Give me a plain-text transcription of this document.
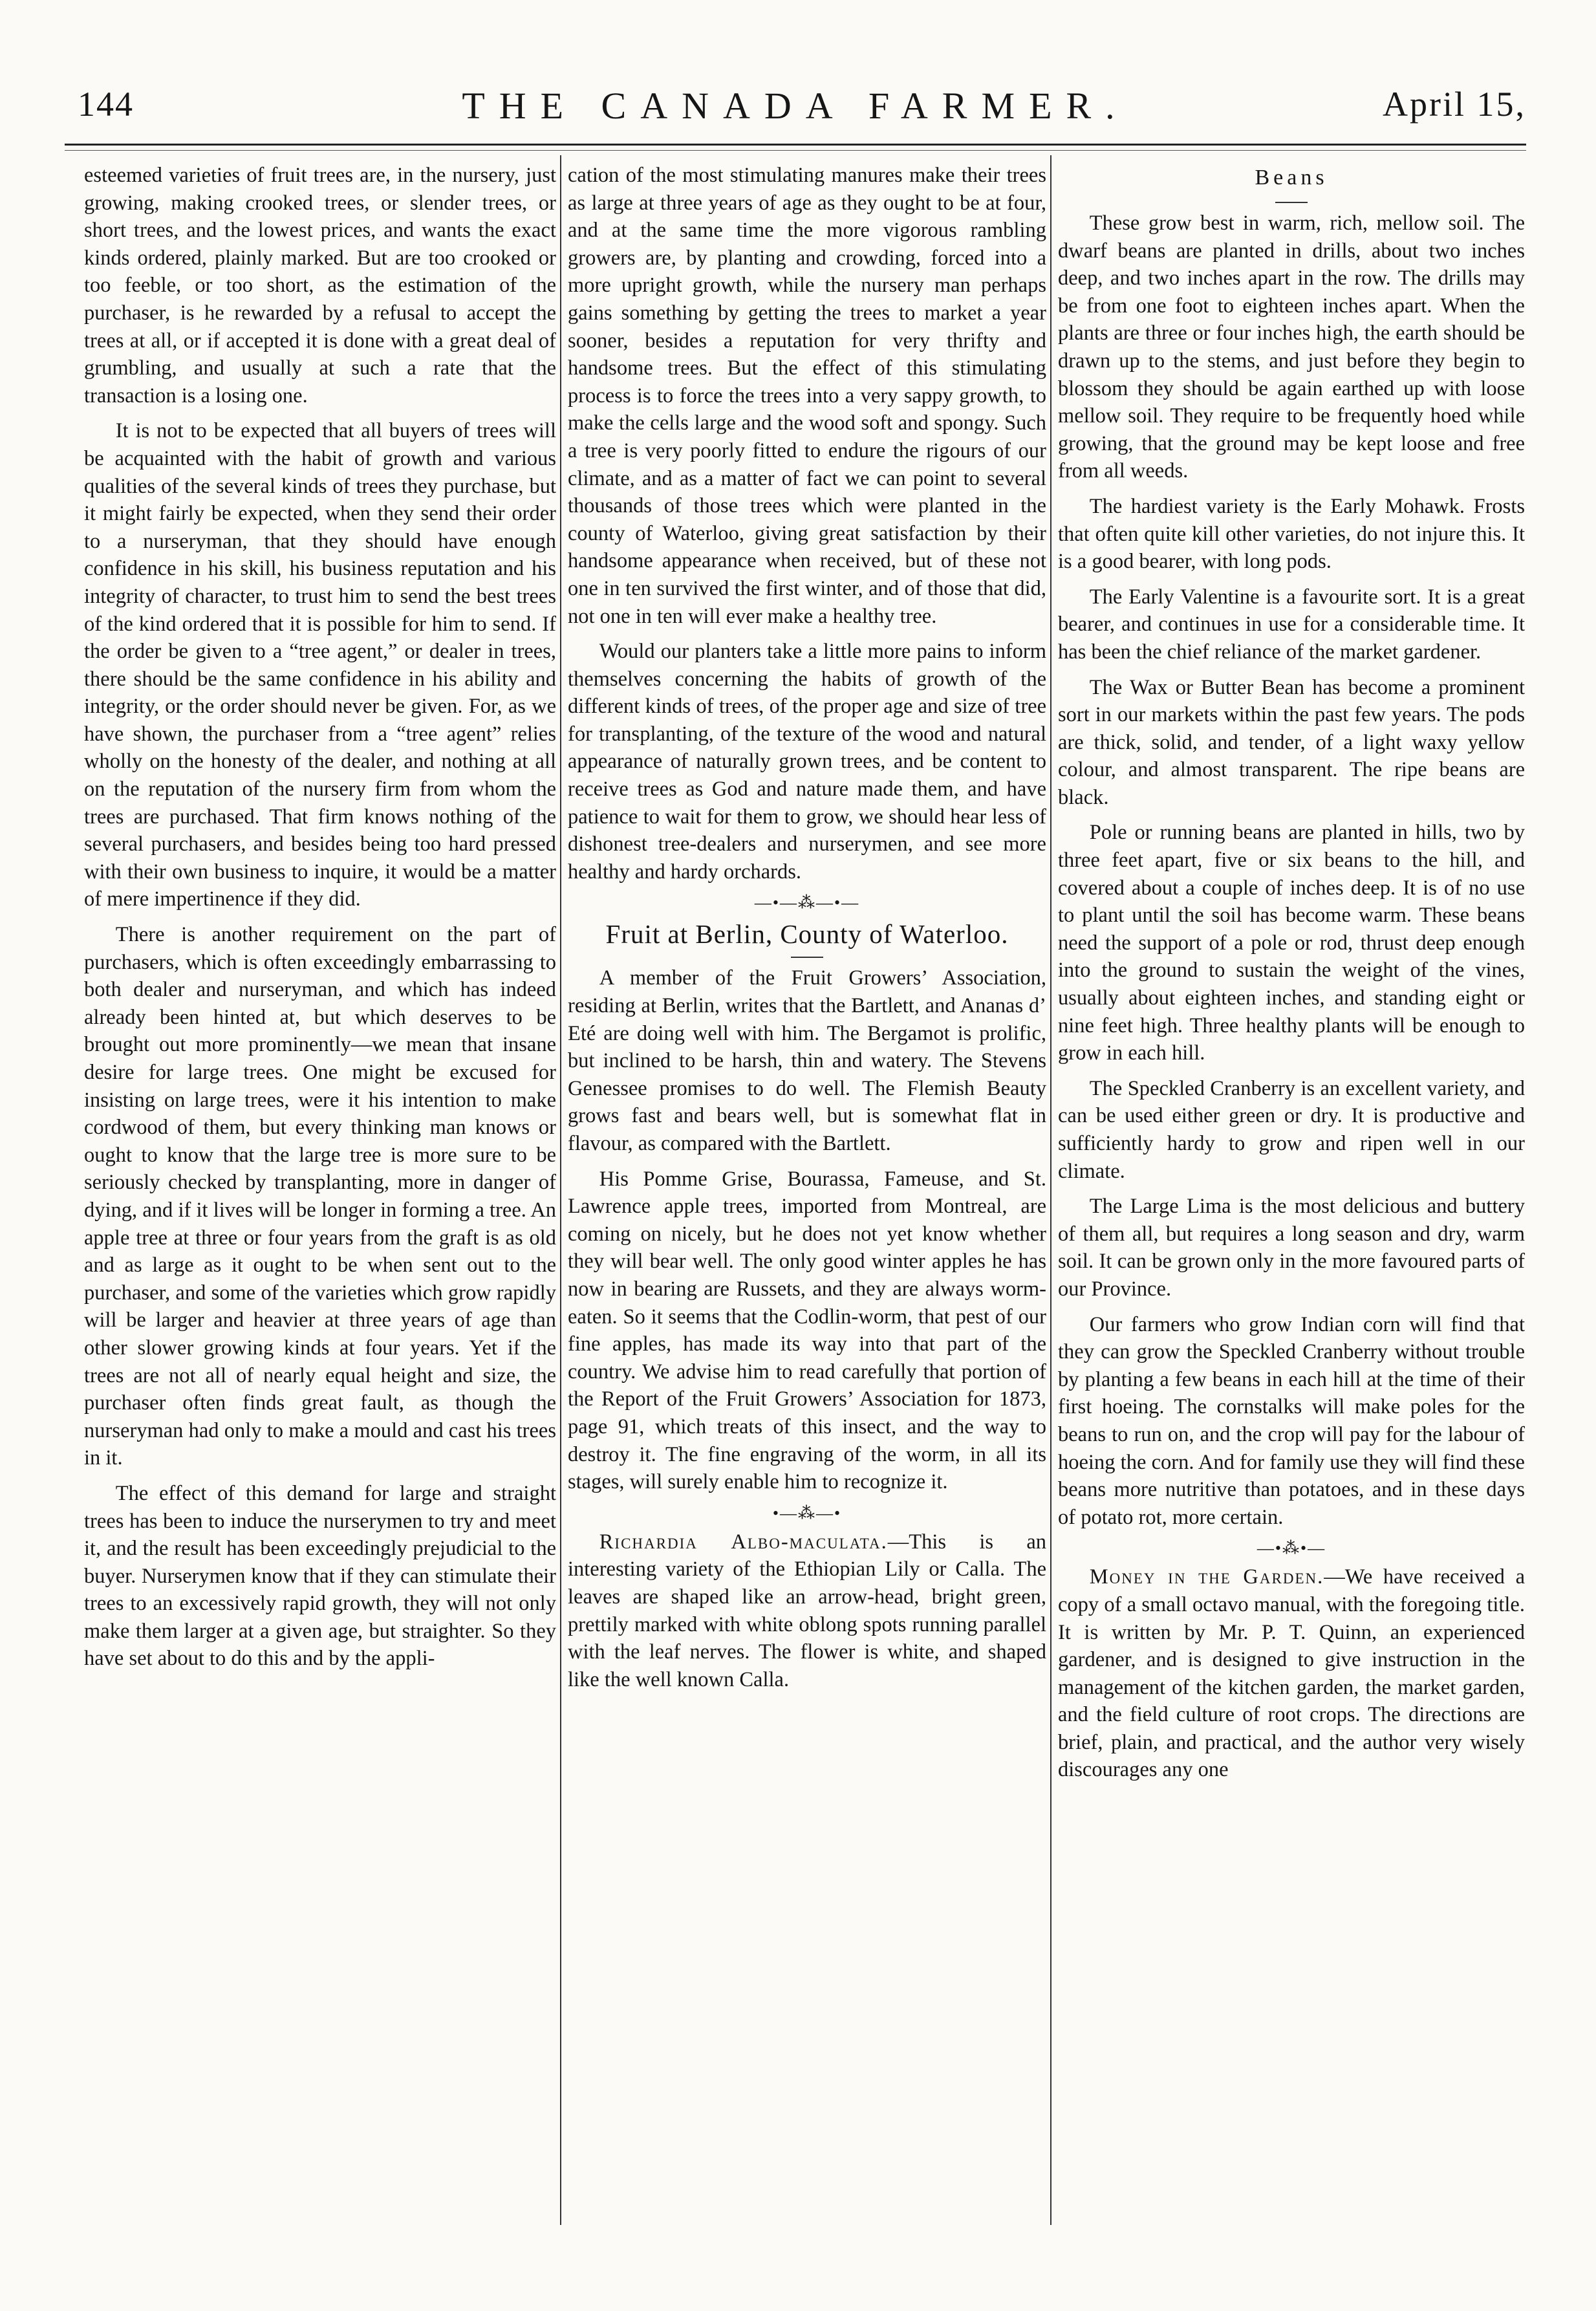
144	THE CANADA FARMER.	April 15,

esteemed varieties of fruit trees are, in the nursery, just growing, making crooked trees, or slender trees, or short trees, and the lowest prices, and wants the exact kinds ordered, plainly marked. But are too crooked or too feeble, or too short, as the estimation of the purchaser, is he rewarded by a refusal to accept the trees at all, or if accepted it is done with a great deal of grumbling, and usually at such a rate that the transaction is a losing one.

It is not to be expected that all buyers of trees will be acquainted with the habit of growth and various qualities of the several kinds of trees they purchase, but it might fairly be expected, when they send their order to a nurseryman, that they should have enough confidence in his skill, his business reputation and his integrity of character, to trust him to send the best trees of the kind ordered that it is possible for him to send. If the order be given to a “tree agent,” or dealer in trees, there should be the same confidence in his ability and integrity, or the order should never be given. For, as we have shown, the purchaser from a “tree agent” relies wholly on the honesty of the dealer, and nothing at all on the reputation of the nursery firm from whom the trees are purchased. That firm knows nothing of the several purchasers, and besides being too hard pressed with their own business to inquire, it would be a matter of mere impertinence if they did.

There is another requirement on the part of purchasers, which is often exceedingly embarrassing to both dealer and nurseryman, and which has indeed already been hinted at, but which deserves to be brought out more prominently—we mean that insane desire for large trees. One might be excused for insisting on large trees, were it his intention to make cordwood of them, but every thinking man knows or ought to know that the large tree is more sure to be seriously checked by transplanting, more in danger of dying, and if it lives will be longer in forming a tree. An apple tree at three or four years from the graft is as old and as large as it ought to be when sent out to the purchaser, and some of the varieties which grow rapidly will be larger and heavier at three years of age than other slower growing kinds at four years. Yet if the trees are not all of nearly equal height and size, the purchaser often finds great fault, as though the nurseryman had only to make a mould and cast his trees in it.

The effect of this demand for large and straight trees has been to induce the nurserymen to try and meet it, and the result has been exceedingly prejudicial to the buyer. Nurserymen know that if they can stimulate their trees to an excessively rapid growth, they will not only make them larger at a given age, but straighter. So they have set about to do this and by the appli-

cation of the most stimulating manures make their trees as large at three years of age as they ought to be at four, and at the same time the more vigorous rambling growers are, by planting and crowding, forced into a more upright growth, while the nursery man perhaps gains something by getting the trees to market a year sooner, besides a reputation for very thrifty and handsome trees. But the effect of this stimulating process is to force the trees into a very sappy growth, to make the cells large and the wood soft and spongy. Such a tree is very poorly fitted to endure the rigours of our climate, and as a matter of fact we can point to several thousands of those trees which were planted in the county of Waterloo, giving great satisfaction by their handsome appearance when received, but of these not one in ten survived the first winter, and of those that did, not one in ten will ever make a healthy tree.

Would our planters take a little more pains to inform themselves concerning the habits of growth of the different kinds of trees, of the proper age and size of tree for transplanting, of the texture of the wood and natural appearance of naturally grown trees, and be content to receive trees as God and nature made them, and have patience to wait for them to grow, we should hear less of dishonest tree-dealers and nurserymen, and see more healthy and hardy orchards.

—•—⁂—•—
Fruit at Berlin, County of Waterloo.

A member of the Fruit Growers’ Association, residing at Berlin, writes that the Bartlett, and Ananas d’ Eté are doing well with him. The Bergamot is prolific, but inclined to be harsh, thin and watery. The Stevens Genessee promises to do well. The Flemish Beauty grows fast and bears well, but is somewhat flat in flavour, as compared with the Bartlett.

His Pomme Grise, Bourassa, Fameuse, and St. Lawrence apple trees, imported from Montreal, are coming on nicely, but he does not yet know whether they will bear well. The only good winter apples he has now in bearing are Russets, and they are always worm-eaten. So it seems that the Codlin-worm, that pest of our fine apples, has made its way into that part of the country. We advise him to read carefully that portion of the Report of the Fruit Growers’ Association for 1873, page 91, which treats of this insect, and the way to destroy it. The fine engraving of the worm, in all its stages, will surely enable him to recognize it.

•—⁂—•

Richardia Albo-maculata.—This is an interesting variety of the Ethiopian Lily or Calla. The leaves are shaped like an arrow-head, bright green, prettily marked with white oblong spots running parallel with the leaf nerves. The flower is white, and shaped like the well known Calla.

Beans

These grow best in warm, rich, mellow soil. The dwarf beans are planted in drills, about two inches deep, and two inches apart in the row. The drills may be from one foot to eighteen inches apart. When the plants are three or four inches high, the earth should be drawn up to the stems, and just before they begin to blossom they should be again earthed up with loose mellow soil. They require to be frequently hoed while growing, that the ground may be kept loose and free from all weeds.

The hardiest variety is the Early Mohawk. Frosts that often quite kill other varieties, do not injure this. It is a good bearer, with long pods.

The Early Valentine is a favourite sort. It is a great bearer, and continues in use for a considerable time. It has been the chief reliance of the market gardener.

The Wax or Butter Bean has become a prominent sort in our markets within the past few years. The pods are thick, solid, and tender, of a light waxy yellow colour, and almost transparent. The ripe beans are black.

Pole or running beans are planted in hills, two by three feet apart, five or six beans to the hill, and covered about a couple of inches deep. It is of no use to plant until the soil has become warm. These beans need the support of a pole or rod, thrust deep enough into the ground to sustain the weight of the vines, usually about eighteen inches, and standing eight or nine feet high. Three healthy plants will be enough to grow in each hill.

The Speckled Cranberry is an excellent variety, and can be used either green or dry. It is productive and sufficiently hardy to grow and ripen well in our climate.

The Large Lima is the most delicious and buttery of them all, but requires a long season and dry, warm soil. It can be grown only in the more favoured parts of our Province.

Our farmers who grow Indian corn will find that they can grow the Speckled Cranberry without trouble by planting a few beans in each hill at the time of their first hoeing. The cornstalks will make poles for the beans to run on, and the crop will pay for the labour of hoeing the corn. And for family use they will find these beans more nutritive than potatoes, and in these days of potato rot, more certain.

—•⁂•—

Money in the Garden.—We have received a copy of a small octavo manual, with the foregoing title. It is written by Mr. P. T. Quinn, an experienced gardener, and is designed to give instruction in the management of the kitchen garden, the market garden, and the field culture of root crops. The directions are brief, plain, and practical, and the author very wisely discourages any one
